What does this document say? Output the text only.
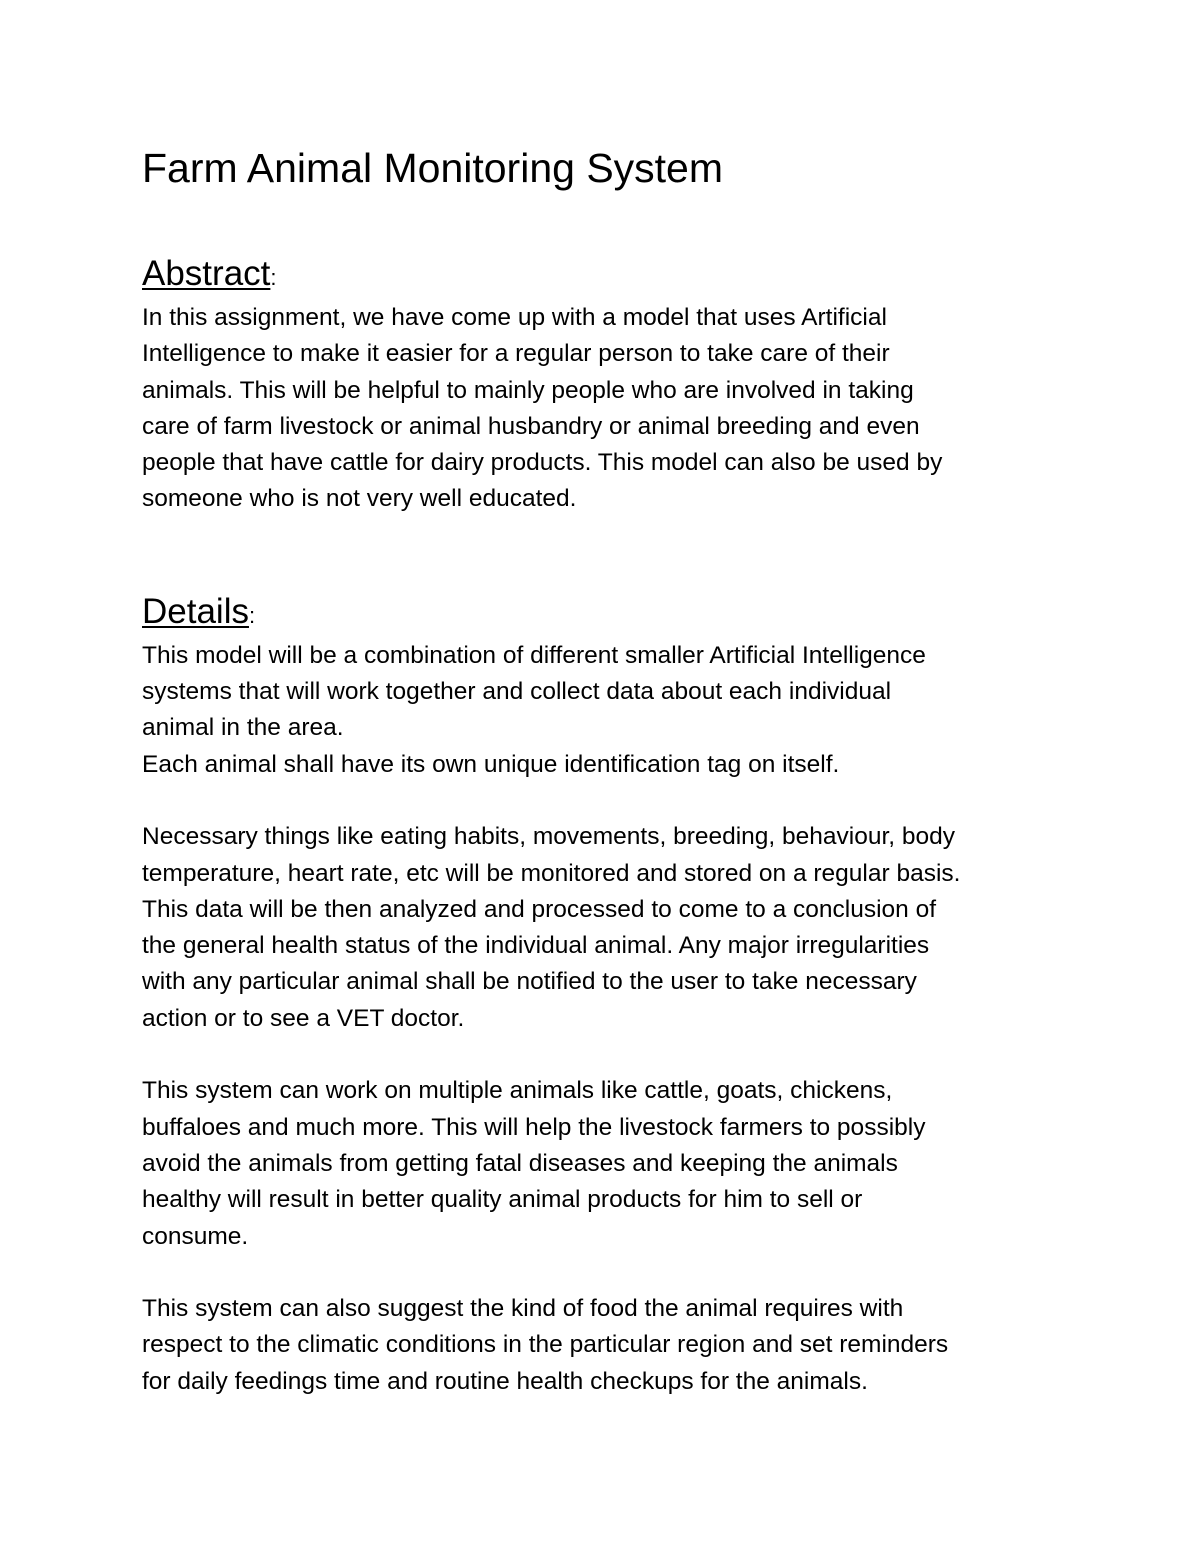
Farm Animal Monitoring System
Abstract:

In this assignment, we have come up with a model that uses Artificial
Intelligence to make it easier for a regular person to take care of their
animals. This will be helpful to mainly people who are involved in taking
care of farm livestock or animal husbandry or animal breeding and even
people that have cattle for dairy products. This model can also be used by
someone who is not very well educated.

Details:

This model will be a combination of different smaller Artificial Intelligence
systems that will work together and collect data about each individual
animal in the area.
Each animal shall have its own unique identification tag on itself.

Necessary things like eating habits, movements, breeding, behaviour, body
temperature, heart rate, etc will be monitored and stored on a regular basis.
This data will be then analyzed and processed to come to a conclusion of
the general health status of the individual animal. Any major irregularities
with any particular animal shall be notified to the user to take necessary
action or to see a VET doctor.

This system can work on multiple animals like cattle, goats, chickens,
buffaloes and much more. This will help the livestock farmers to possibly
avoid the animals from getting fatal diseases and keeping the animals
healthy will result in better quality animal products for him to sell or
consume.

This system can also suggest the kind of food the animal requires with
respect to the climatic conditions in the particular region and set reminders
for daily feedings time and routine health checkups for the animals.
